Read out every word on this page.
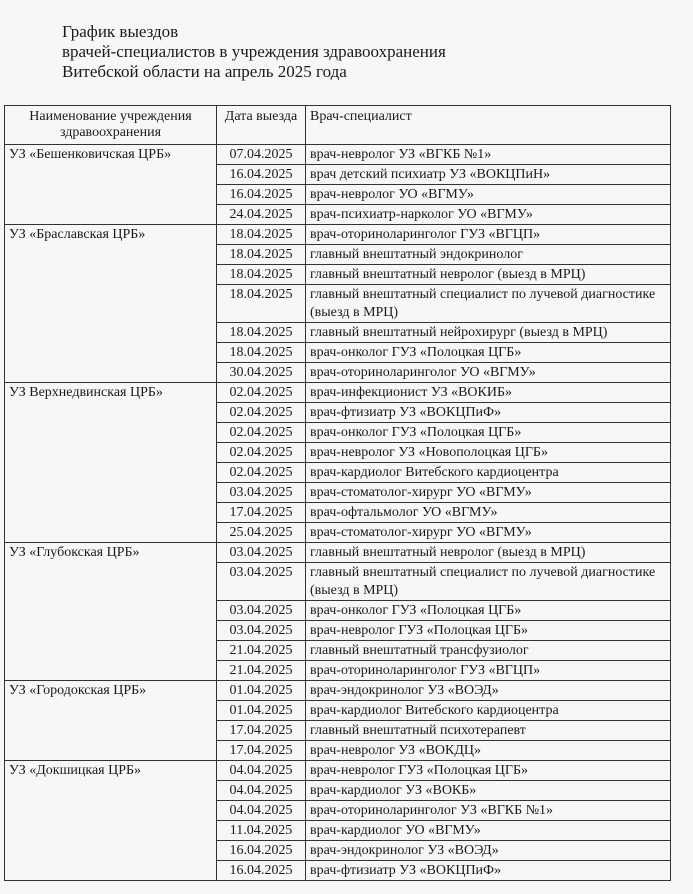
График выездов
врачей-специалистов в учреждения здравоохранения
Витебской области на апрель 2025 года
Наименование учреждения здравоохранения	Дата выезда	Врач-специалист
УЗ «Бешенковичская ЦРБ»	07.04.2025	врач-невролог УЗ «ВГКБ №1»
	16.04.2025	врач детский психиатр УЗ «ВОКЦПиН»
	16.04.2025	врач-невролог УО «ВГМУ»
	24.04.2025	врач-психиатр-нарколог УО «ВГМУ»
УЗ «Браславская ЦРБ»	18.04.2025	врач-оториноларинголог ГУЗ «ВГЦП»
	18.04.2025	главный внештатный эндокринолог
	18.04.2025	главный внештатный невролог (выезд в МРЦ)
	18.04.2025	главный внештатный специалист по лучевой диагностике (выезд в МРЦ)
	18.04.2025	главный внештатный нейрохирург (выезд в МРЦ)
	18.04.2025	врач-онколог ГУЗ «Полоцкая ЦГБ»
	30.04.2025	врач-оториноларинголог УО «ВГМУ»
УЗ Верхнедвинская ЦРБ»	02.04.2025	врач-инфекционист УЗ «ВОКИБ»
	02.04.2025	врач-фтизиатр УЗ «ВОКЦПиФ»
	02.04.2025	врач-онколог ГУЗ «Полоцкая ЦГБ»
	02.04.2025	врач-невролог УЗ «Новополоцкая ЦГБ»
	02.04.2025	врач-кардиолог Витебского кардиоцентра
	03.04.2025	врач-стоматолог-хирург УО «ВГМУ»
	17.04.2025	врач-офтальмолог УО «ВГМУ»
	25.04.2025	врач-стоматолог-хирург УО «ВГМУ»
УЗ «Глубокская ЦРБ»	03.04.2025	главный внештатный невролог (выезд в МРЦ)
	03.04.2025	главный внештатный специалист по лучевой диагностике (выезд в МРЦ)
	03.04.2025	врач-онколог ГУЗ «Полоцкая ЦГБ»
	03.04.2025	врач-невролог ГУЗ «Полоцкая ЦГБ»
	21.04.2025	главный внештатный трансфузиолог
	21.04.2025	врач-оториноларинголог ГУЗ «ВГЦП»
УЗ «Городокская ЦРБ»	01.04.2025	врач-эндокринолог УЗ «ВОЭД»
	01.04.2025	врач-кардиолог Витебского кардиоцентра
	17.04.2025	главный внештатный психотерапевт
	17.04.2025	врач-невролог УЗ «ВОКДЦ»
УЗ «Докшицкая ЦРБ»	04.04.2025	врач-невролог ГУЗ «Полоцкая ЦГБ»
	04.04.2025	врач-кардиолог УЗ «ВОКБ»
	04.04.2025	врач-оториноларинголог УЗ «ВГКБ №1»
	11.04.2025	врач-кардиолог УО «ВГМУ»
	16.04.2025	врач-эндокринолог УЗ «ВОЭД»
	16.04.2025	врач-фтизиатр УЗ «ВОКЦПиФ»
